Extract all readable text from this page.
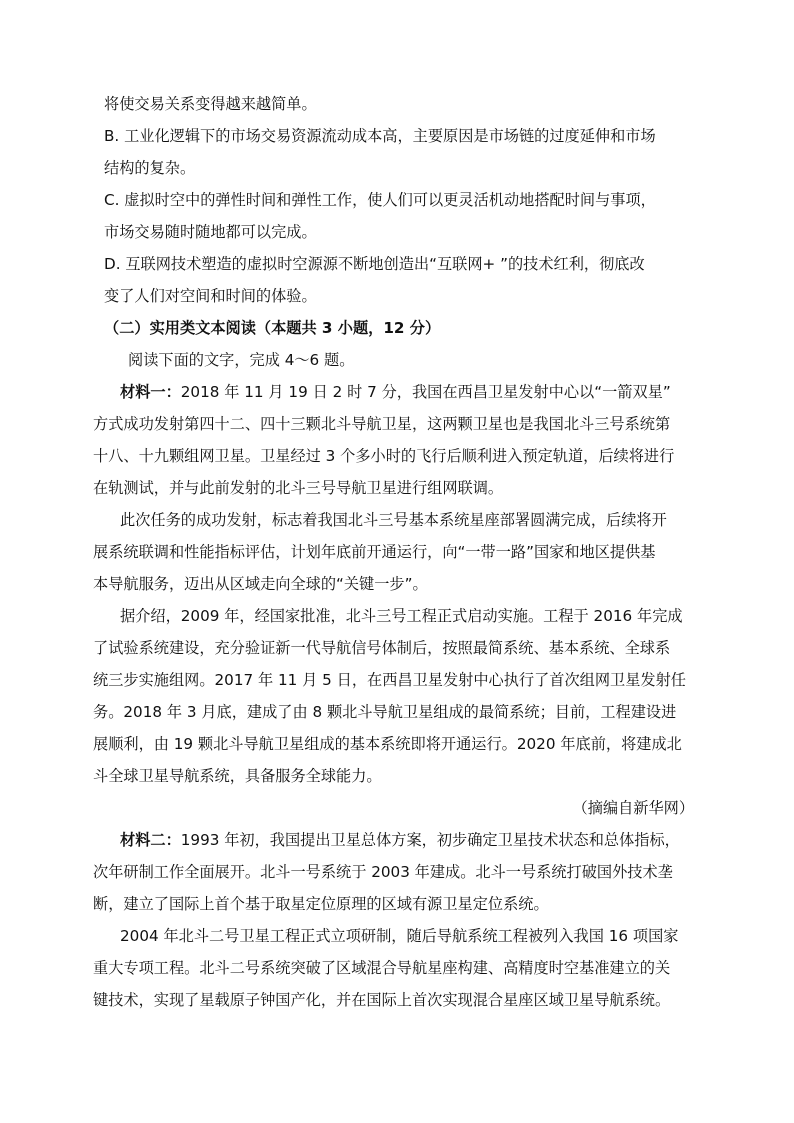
将使交易关系变得越来越简单。
B. 工业化逻辑下的市场交易资源流动成本高，主要原因是市场链的过度延伸和市场
结构的复杂。
C. 虚拟时空中的弹性时间和弹性工作，使人们可以更灵活机动地搭配时间与事项，
市场交易随时随地都可以完成。
D. 互联网技术塑造的虚拟时空源源不断地创造出“互联网+ ”的技术红利，彻底改
变了人们对空间和时间的体验。
（二）实用类文本阅读（本题共 3 小题，12 分）
阅读下面的文字，完成 4～6 题。
材料一：2018 年 11 月 19 日 2 时 7 分，我国在西昌卫星发射中心以“一箭双星”
方式成功发射第四十二、四十三颗北斗导航卫星，这两颗卫星也是我国北斗三号系统第
十八、十九颗组网卫星。卫星经过 3 个多小时的飞行后顺利进入预定轨道，后续将进行
在轨测试，并与此前发射的北斗三号导航卫星进行组网联调。
此次任务的成功发射，标志着我国北斗三号基本系统星座部署圆满完成，后续将开
展系统联调和性能指标评估，计划年底前开通运行，向“一带一路”国家和地区提供基
本导航服务，迈出从区域走向全球的“关键一步”。
据介绍，2009 年，经国家批准，北斗三号工程正式启动实施。工程于 2016 年完成
了试验系统建设，充分验证新一代导航信号体制后，按照最简系统、基本系统、全球系
统三步实施组网。2017 年 11 月 5 日，在西昌卫星发射中心执行了首次组网卫星发射任
务。2018 年 3 月底，建成了由 8 颗北斗导航卫星组成的最简系统；目前，工程建设进
展顺利，由 19 颗北斗导航卫星组成的基本系统即将开通运行。2020 年底前，将建成北
斗全球卫星导航系统，具备服务全球能力。
（摘编自新华网）
材料二：1993 年初，我国提出卫星总体方案，初步确定卫星技术状态和总体指标，
次年研制工作全面展开。北斗一号系统于 2003 年建成。北斗一号系统打破国外技术垄
断，建立了国际上首个基于取星定位原理的区域有源卫星定位系统。
2004 年北斗二号卫星工程正式立项研制，随后导航系统工程被列入我国 16 项国家
重大专项工程。北斗二号系统突破了区域混合导航星座构建、高精度时空基准建立的关
键技术，实现了星载原子钟国产化，并在国际上首次实现混合星座区域卫星导航系统。
